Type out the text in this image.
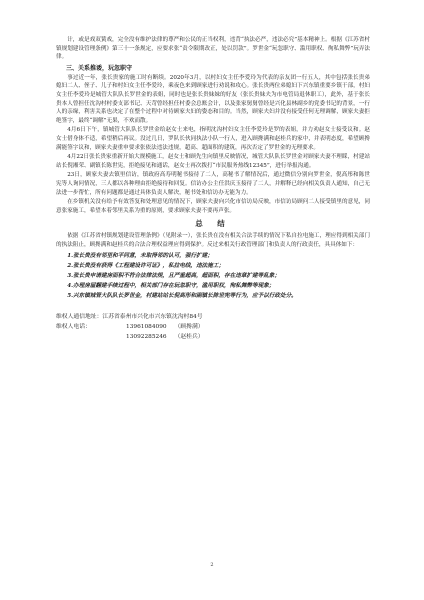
计，或是戏双簧戏，完全没有维护法律的尊严和公民的正当权利，违背“执法必严，违法必究”基本精神上。根据《江苏省村镇规划建设管理条例》第三十一条规定，应要求张“责令限期改正，处以罚款”。罗世金“玩忽职守、滥用职权、徇私舞弊”玩弄法律。

三、关系推诿，玩忽职守

事过近一年，张长贵家的施工时有断续。2020年3月，以村妇女主任李爱玲为代表的亲友团一行五人，其中包括张长贵弟媳妇二人、侄子、儿子和村妇女主任李爱玲，乘夜色来到顾家进行劝说和攻心。张长贵两位弟媳妇下兴东镇重要乡镇干部，村妇女主任李爱玲是城管大队队长罗世金的表姐，同时也是张长贵妹妹的好友（张长贵妹夫为市电管局退休职工），此外，基于张长贵本人曾担任沈沟村村委支部书记、天苛曾经担任村委会总账会计，以及张家舅舅曾经是兴化县林副乡的党委书记的背景，一行人的亲缘，利害关系也决定了在整个过程中对待顾家夫妇的姿态和目的。当然，顾家夫妇并没有接受任何无理调解，顾家夫妻拒绝签字，最终“调解”无果，不欢而散。

4月6日下午，镇城管大队队长罗世金给赵女士来电，指明沈沟村妇女主任李爱玲是罗的表姐，并力劝赵女士接受议和。赵女士借身体不适，希望稍后再议。没过几日，罗队长伙同执法小队一行人，进入顾搀满和赵桂兵的家中，并表明态度，希望顾搀满能签字议和，顾家夫妻重申要求张依法违法违规，超高、超面积的建筑，再次否定了罗世金的无理要求。

4月22日张长贵家重新开始大规模施工，赵女士和顾先生向镇里反映情况，城管大队队长罗世金对顾家夫妻不理睬，村建站站长倪湘荣、副镇长陈世宪，拒绝接见和通话，赵女士再次拨打“市民服务热线12345”，进行举报沟通。

23日，顾家夫妻去镇里信访，镇政府高寿明秘书接待了二人，高秘书了解情况后，通过微信分别向罗世金，倪高彤和陈世宪等人询问情况，三人都以各种理由拒绝接待和回复。信访办公主任洪庆玉接待了二人，并解释已经向相关负责人通知，自己无法进一步帮忙，所有问题都是通过具体负责人解决，秘书处和信访办无能为力。

在乡镇机关没有给予有效答复和处理意见的情况下，顾家夫妻向兴化市信访局反映，市信访局顾问二人接受镇里的意见，同意张家施工，希望本着邻里关系为重的原则，要求顾家夫妻不要再声张。

总 结

依据《江苏省村镇规划建设管理条例》（见附录一），张长贵在没有相关合法手续的情况下私自拉电施工，理应得到相关部门的执法阻止，顾搀满和赵桂兵的合法合理权益理应得到保护。反过来相关行政管理部门和负责人的行政责任，具具体如下：

1.张长贵没有邻里和平同意，未取得邻的认可，强行扩建；
2.张长贵没有获得《工程建设许可证》，私拉电线，违法施工；
3.张长贵申请建房面积不符合法律法规，且严重超高，超面积，存在违章扩建等乱象；
4.办理房屋翻建手续过程中，相关部门存在玩忽职守，滥用职权，徇私舞弊等现象；
5.兴东镇城管大队队长罗世金，村建站站长倪高彤和副镇长陈世宪等行为，应予以行政处分。
维权人通信地址： 江苏省泰州市兴化市兴东镇沈沟村84号
维权人电话：	13961084090 （顾搀满）
13092285246 （赵桂兵）
2
